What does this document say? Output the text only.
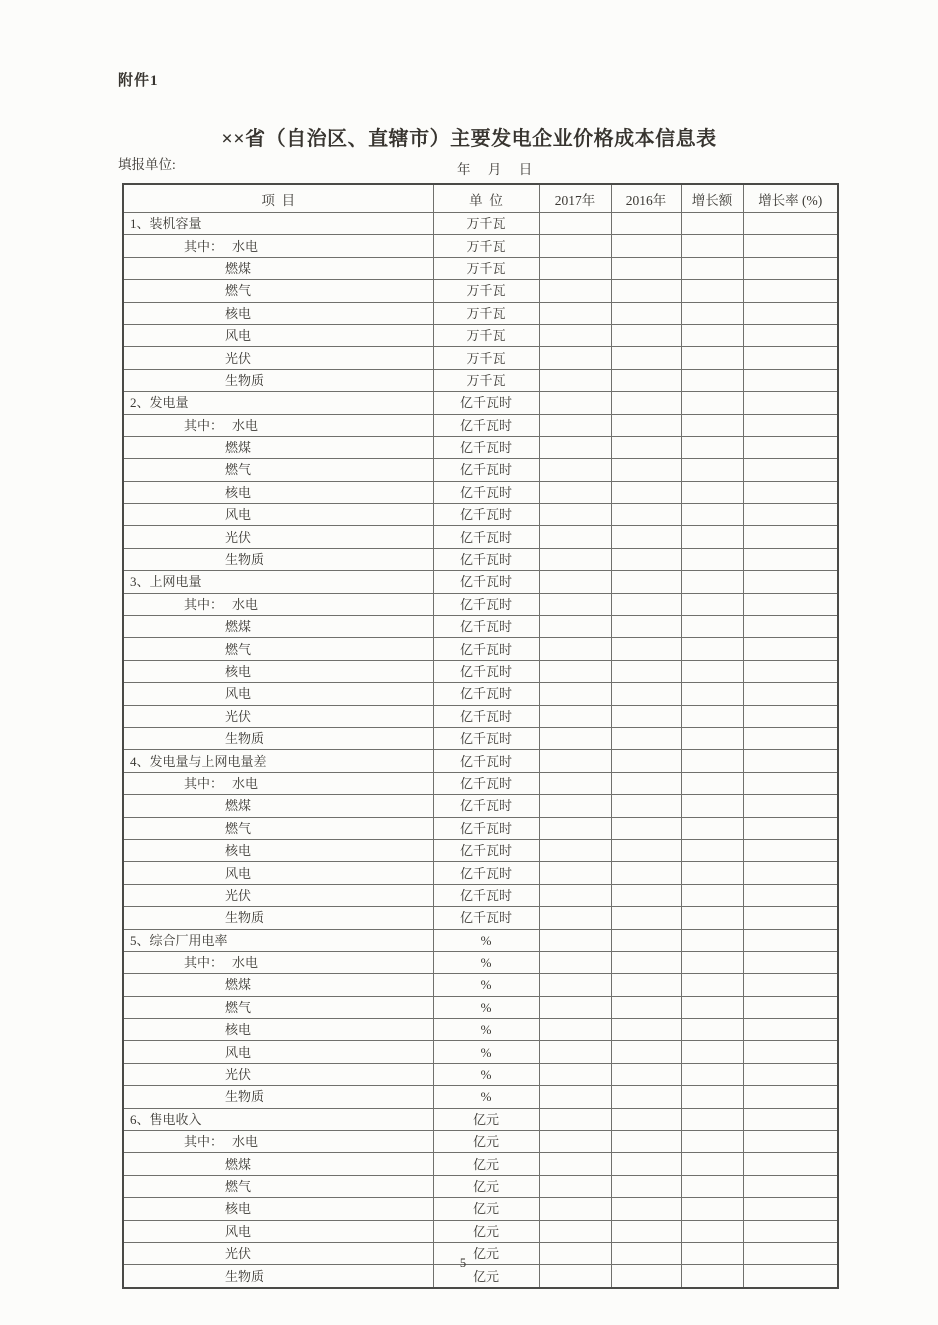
附件1
××省（自治区、直辖市）主要发电企业价格成本信息表
填报单位:	年 月 日
项  目	单  位	2017年	2016年	增长额	增长率 (%)
1、装机容量	万千瓦				
其中： 水电	万千瓦				
燃煤	万千瓦				
燃气	万千瓦				
核电	万千瓦				
风电	万千瓦				
光伏	万千瓦				
生物质	万千瓦				
2、发电量	亿千瓦时				
其中： 水电	亿千瓦时				
燃煤	亿千瓦时				
燃气	亿千瓦时				
核电	亿千瓦时				
风电	亿千瓦时				
光伏	亿千瓦时				
生物质	亿千瓦时				
3、上网电量	亿千瓦时				
其中： 水电	亿千瓦时				
燃煤	亿千瓦时				
燃气	亿千瓦时				
核电	亿千瓦时				
风电	亿千瓦时				
光伏	亿千瓦时				
生物质	亿千瓦时				
4、发电量与上网电量差	亿千瓦时				
其中： 水电	亿千瓦时				
燃煤	亿千瓦时				
燃气	亿千瓦时				
核电	亿千瓦时				
风电	亿千瓦时				
光伏	亿千瓦时				
生物质	亿千瓦时				
5、综合厂用电率	%				
其中： 水电	%				
燃煤	%				
燃气	%				
核电	%				
风电	%				
光伏	%				
生物质	%				
6、售电收入	亿元				
其中： 水电	亿元				
燃煤	亿元				
燃气	亿元				
核电	亿元				
风电	亿元				
光伏	亿元				
生物质	亿元				
5
